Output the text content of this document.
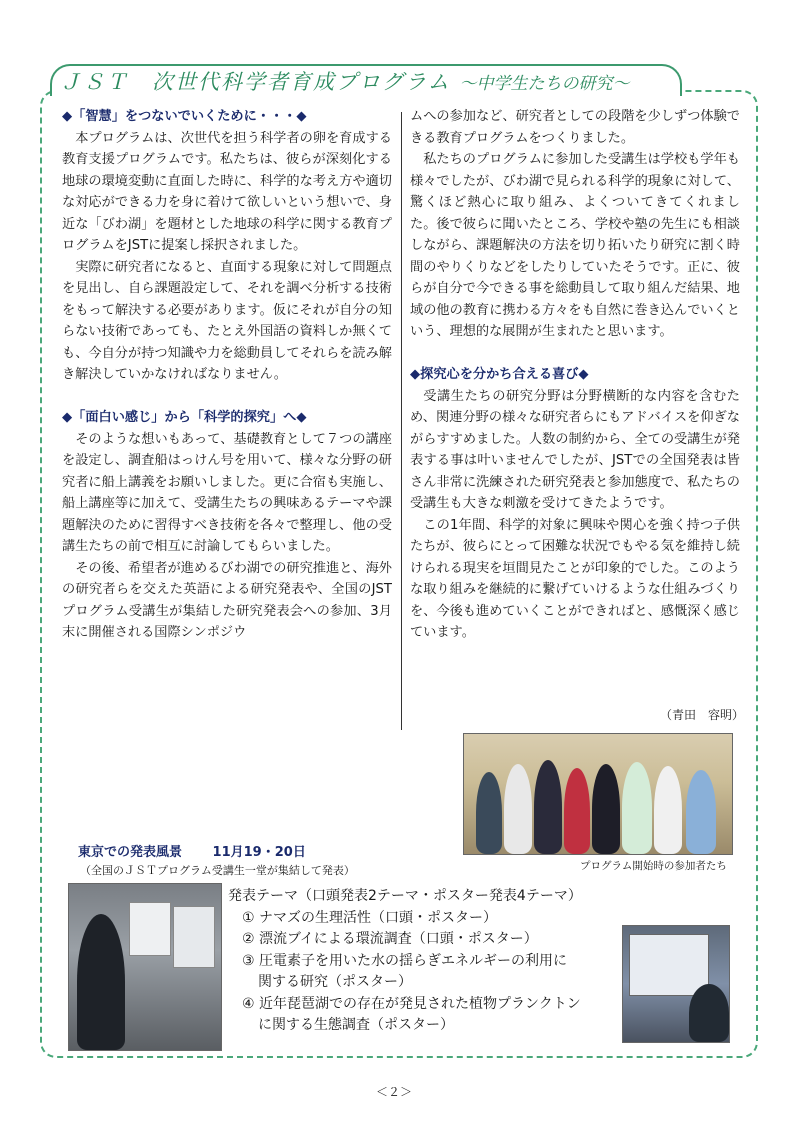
ＪＳＴ　次世代科学者育成プログラム ～中学生たちの研究～

◆「智慧」をつないでいくために・・・◆

本プログラムは、次世代を担う科学者の卵を育成する教育支援プログラムです。私たちは、彼らが深刻化する地球の環境変動に直面した時に、科学的な考え方や適切な対応ができる力を身に着けて欲しいという想いで、身近な「びわ湖」を題材とした地球の科学に関する教育プログラムをJSTに提案し採択されました。

実際に研究者になると、直面する現象に対して問題点を見出し、自ら課題設定して、それを調べ分析する技術をもって解決する必要があります。仮にそれが自分の知らない技術であっても、たとえ外国語の資料しか無くても、今自分が持つ知識や力を総動員してそれらを読み解き解決していかなければなりません。

◆「面白い感じ」から「科学的探究」へ◆

そのような想いもあって、基礎教育として７つの講座を設定し、調査船はっけん号を用いて、様々な分野の研究者に船上講義をお願いしました。更に合宿も実施し、船上講座等に加えて、受講生たちの興味あるテーマや課題解決のために習得すべき技術を各々で整理し、他の受講生たちの前で相互に討論してもらいました。

その後、希望者が進めるびわ湖での研究推進と、海外の研究者らを交えた英語による研究発表や、全国のJSTプログラム受講生が集結した研究発表会への参加、3月末に開催される国際シンポジウ

ムへの参加など、研究者としての段階を少しずつ体験できる教育プログラムをつくりました。

私たちのプログラムに参加した受講生は学校も学年も様々でしたが、びわ湖で見られる科学的現象に対して、驚くほど熱心に取り組み、よくついてきてくれました。後で彼らに聞いたところ、学校や塾の先生にも相談しながら、課題解決の方法を切り拓いたり研究に割く時間のやりくりなどをしたりしていたそうです。正に、彼らが自分で今できる事を総動員して取り組んだ結果、地域の他の教育に携わる方々をも自然に巻き込んでいくという、理想的な展開が生まれたと思います。

◆探究心を分かち合える喜び◆

受講生たちの研究分野は分野横断的な内容を含むため、関連分野の様々な研究者らにもアドバイスを仰ぎながらすすめました。人数の制約から、全ての受講生が発表する事は叶いませんでしたが、JSTでの全国発表は皆さん非常に洗練された研究発表と参加態度で、私たちの受講生も大きな刺激を受けてきたようです。

この1年間、科学的対象に興味や関心を強く持つ子供たちが、彼らにとって困難な状況でもやる気を維持し続けられる現実を垣間見たことが印象的でした。このような取り組みを継続的に繋げていけるような仕組みづくりを、今後も進めていくことができればと、感慨深く感じています。

（青田　容明）
プログラム開始時の参加者たち
東京での発表風景 11月19・20日
（全国のＪＳＴプログラム受講生一堂が集結して発表）

発表テーマ（口頭発表2テーマ・ポスター発表4テーマ）

① ナマズの生理活性（口頭・ポスター）

② 漂流ブイによる環流調査（口頭・ポスター）

③ 圧電素子を用いた水の揺らぎエネルギーの利用に

関する研究（ポスター）

④ 近年琵琶湖での存在が発見された植物プランクトン

に関する生態調査（ポスター）

＜２＞
